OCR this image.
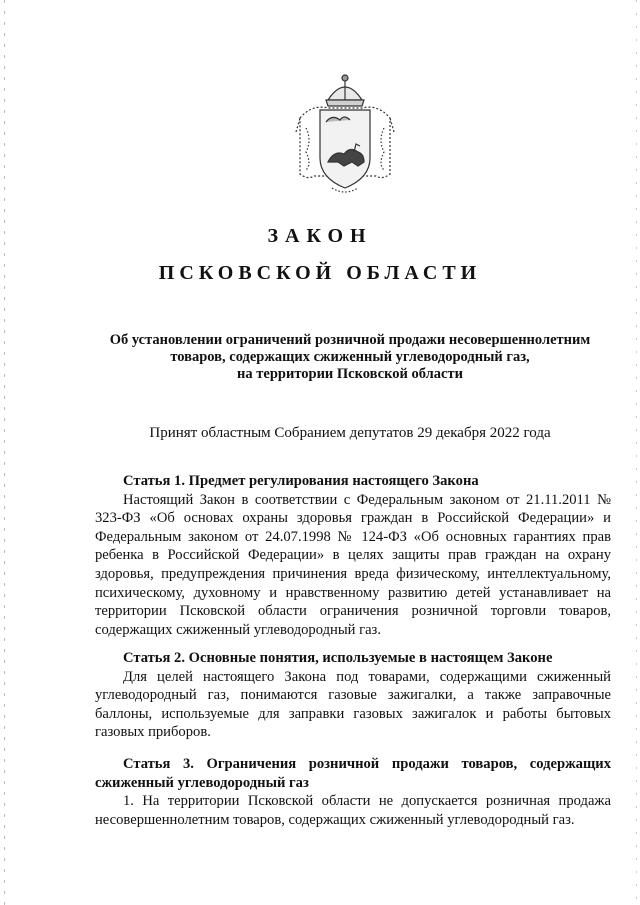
ЗАКОН
ПСКОВСКОЙ ОБЛАСТИ
Об установлении ограничений розничной продажи несовершеннолетним
товаров, содержащих сжиженный углеводородный газ,
на территории Псковской области
Принят областным Собранием депутатов 29 декабря 2022 года
Статья 1. Предмет регулирования настоящего Закона
Настоящий Закон в соответствии с Федеральным законом от 21.11.2011 № 323-ФЗ «Об основах охраны здоровья граждан в Российской Федерации» и Федеральным законом от 24.07.1998 № 124-ФЗ «Об основных гарантиях прав ребенка в Российской Федерации» в целях защиты прав граждан на охрану здоровья, предупреждения причинения вреда физическому, интеллектуальному, психическому, духовному и нравственному развитию детей устанавливает на территории Псковской области ограничения розничной торговли товаров, содержащих сжиженный углеводородный газ.
Статья 2. Основные понятия, используемые в настоящем Законе
Для целей настоящего Закона под товарами, содержащими сжиженный углеводородный газ, понимаются газовые зажигалки, а также заправочные баллоны, используемые для заправки газовых зажигалок и работы бытовых газовых приборов.
Статья 3. Ограничения розничной продажи товаров, содержащих сжиженный углеводородный газ
1. На территории Псковской области не допускается розничная продажа несовершеннолетним товаров, содержащих сжиженный углеводородный газ.
